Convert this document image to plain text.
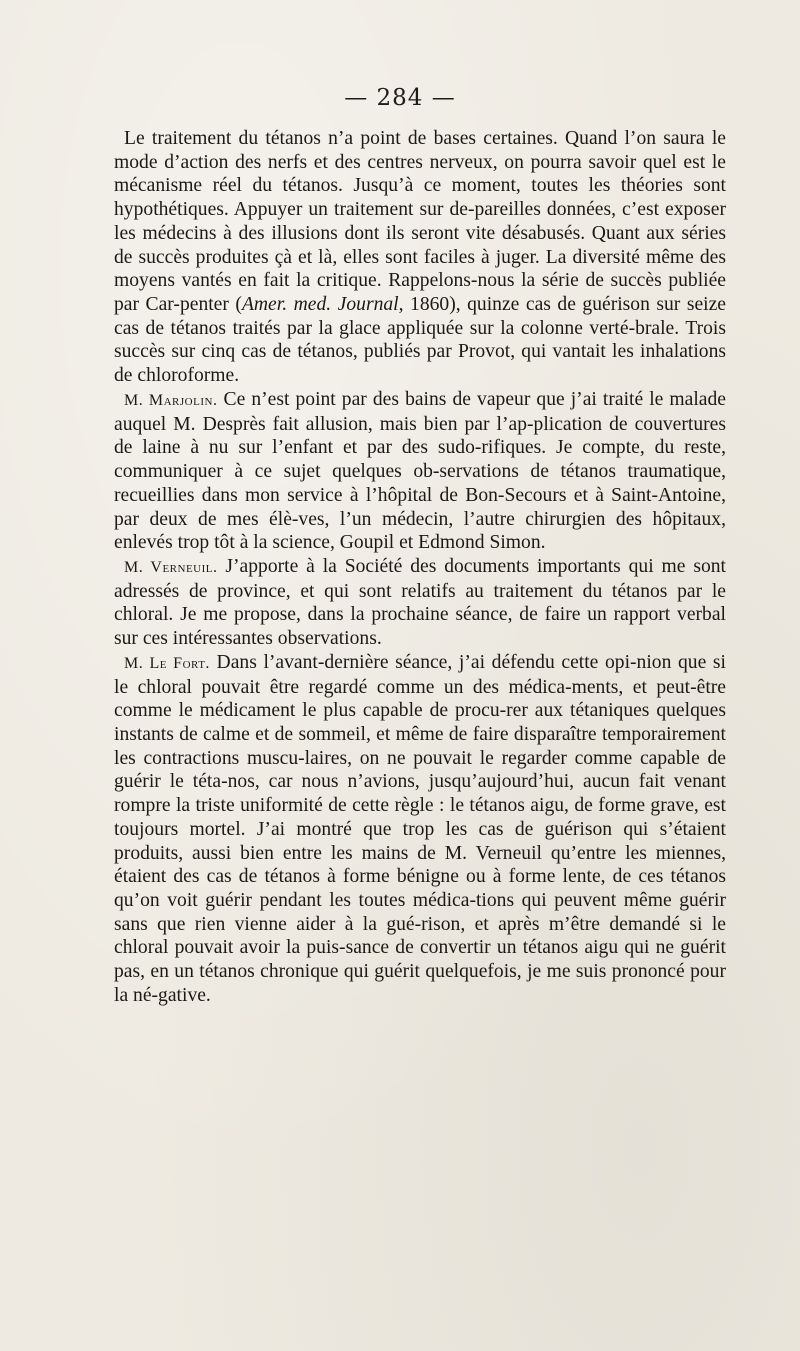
— 284 —

Le traitement du tétanos n’a point de bases certaines. Quand l’on saura le mode d’action des nerfs et des centres nerveux, on pourra savoir quel est le mécanisme réel du tétanos. Jusqu’à ce moment, toutes les théories sont hypothétiques. Appuyer un traitement sur de-pareilles données, c’est exposer les médecins à des illusions dont ils seront vite désabusés. Quant aux séries de succès produites çà et là, elles sont faciles à juger. La diversité même des moyens vantés en fait la critique. Rappelons-nous la série de succès publiée par Car-penter (Amer. med. Journal, 1860), quinze cas de guérison sur seize cas de tétanos traités par la glace appliquée sur la colonne verté-brale. Trois succès sur cinq cas de tétanos, publiés par Provot, qui vantait les inhalations de chloroforme.

M. Marjolin. Ce n’est point par des bains de vapeur que j’ai traité le malade auquel M. Desprès fait allusion, mais bien par l’ap-plication de couvertures de laine à nu sur l’enfant et par des sudo-rifiques. Je compte, du reste, communiquer à ce sujet quelques ob-servations de tétanos traumatique, recueillies dans mon service à l’hôpital de Bon-Secours et à Saint-Antoine, par deux de mes élè-ves, l’un médecin, l’autre chirurgien des hôpitaux, enlevés trop tôt à la science, Goupil et Edmond Simon.

M. Verneuil. J’apporte à la Société des documents importants qui me sont adressés de province, et qui sont relatifs au traitement du tétanos par le chloral. Je me propose, dans la prochaine séance, de faire un rapport verbal sur ces intéressantes observations.

M. Le Fort. Dans l’avant-dernière séance, j’ai défendu cette opi-nion que si le chloral pouvait être regardé comme un des médica-ments, et peut-être comme le médicament le plus capable de procu-rer aux tétaniques quelques instants de calme et de sommeil, et même de faire disparaître temporairement les contractions muscu-laires, on ne pouvait le regarder comme capable de guérir le téta-nos, car nous n’avions, jusqu’aujourd’hui, aucun fait venant rompre la triste uniformité de cette règle : le tétanos aigu, de forme grave, est toujours mortel. J’ai montré que trop les cas de guérison qui s’étaient produits, aussi bien entre les mains de M. Verneuil qu’entre les miennes, étaient des cas de tétanos à forme bénigne ou à forme lente, de ces tétanos qu’on voit guérir pendant les toutes médica-tions qui peuvent même guérir sans que rien vienne aider à la gué-rison, et après m’être demandé si le chloral pouvait avoir la puis-sance de convertir un tétanos aigu qui ne guérit pas, en un tétanos chronique qui guérit quelquefois, je me suis prononcé pour la né-gative.
